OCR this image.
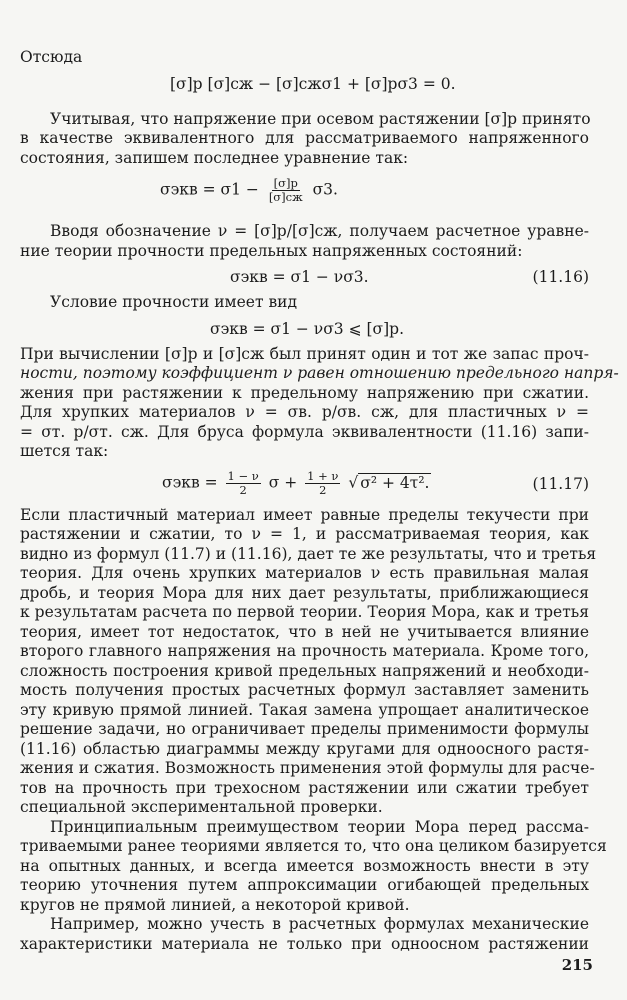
Отсюда
[σ]p [σ]сж − [σ]сжσ1 + [σ]pσ3 = 0.
Учитывая, что напряжение при осевом растяжении [σ]p принято
в качестве эквивалентного для рассматриваемого напряженного
состояния, запишем последнее уравнение так:
$\sigma экв = \sigma 1 - \frac{[\sigma]р}{[\sigma]сж} \sigma 3$.
Вводя обозначение ν = [σ]p/[σ]сж, получаем расчетное уравне-
ние теории прочности предельных напряженных состояний:
σэкв = σ1 − νσ3.	(11.16)
Условие прочности имеет вид
σэкв = σ1 − νσ3 ⩽ [σ]p.
При вычислении [σ]p и [σ]сж был принят один и тот же запас проч-
ности, поэтому коэффициент ν равен отношению предельного напря-
жения при растяжении к предельному напряжению при сжатии.
Для хрупких материалов ν = σв. p/σв. сж, для пластичных ν =
= σт. p/σт. сж. Для бруса формула эквивалентности (11.16) запи-
шется так:
$\sigma экв = \frac{1 - \nu}{2}$ $\sigma + \frac{1 + \nu}{2}$ √ σ² + 4τ².	(11.17)
Если пластичный материал имеет равные пределы текучести при
растяжении и сжатии, то ν = 1, и рассматриваемая теория, как
видно из формул (11.7) и (11.16), дает те же результаты, что и третья
теория. Для очень хрупких материалов ν есть правильная малая
дробь, и теория Мора для них дает результаты, приближающиеся
к результатам расчета по первой теории. Теория Мора, как и третья
теория, имеет тот недостаток, что в ней не учитывается влияние
второго главного напряжения на прочность материала. Кроме того,
сложность построения кривой предельных напряжений и необходи-
мость получения простых расчетных формул заставляет заменить
эту кривую прямой линией. Такая замена упрощает аналитическое
решение задачи, но ограничивает пределы применимости формулы
(11.16) областью диаграммы между кругами для одноосного растя-
жения и сжатия. Возможность применения этой формулы для расче-
тов на прочность при трехосном растяжении или сжатии требует
специальной экспериментальной проверки.
Принципиальным преимуществом теории Мора перед рассма-
триваемыми ранее теориями является то, что она целиком базируется
на опытных данных, и всегда имеется возможность внести в эту
теорию уточнения путем аппроксимации огибающей предельных
кругов не прямой линией, а некоторой кривой.
Например, можно учесть в расчетных формулах механические
характеристики материала не только при одноосном растяжении
215
